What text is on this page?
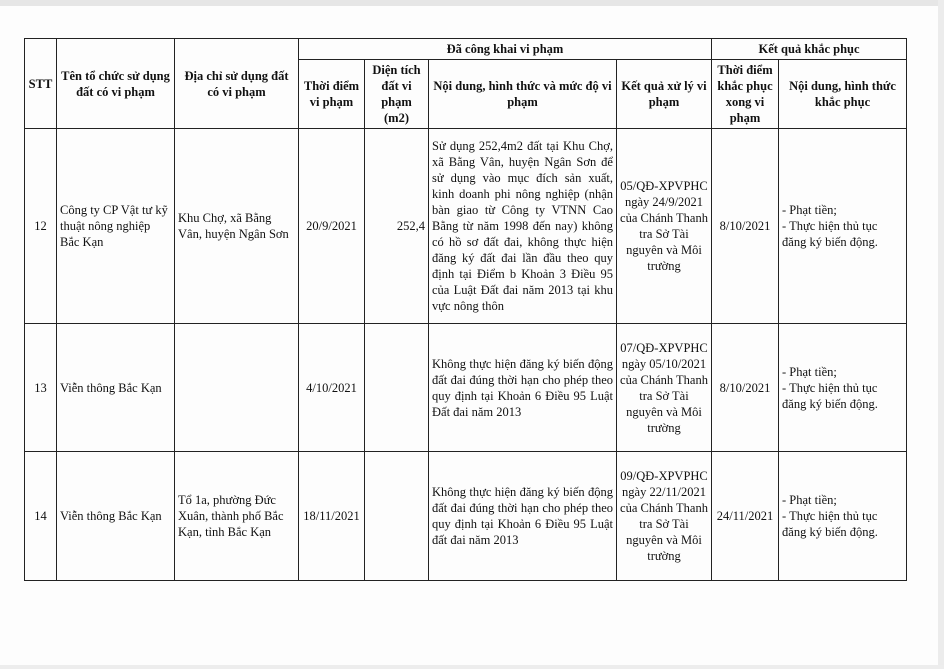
STT	Tên tổ chức sử dụng đất có vi phạm	Địa chỉ sử dụng đất có vi phạm	Đã công khai vi phạm				Kết quả khắc phục	
			Thời điểm vi phạm	Diện tích đất vi phạm (m2)	Nội dung, hình thức và mức độ vi phạm	Kết quả xử lý vi phạm	Thời điểm khắc phục xong vi phạm	Nội dung, hình thức khắc phục
12	Công ty CP Vật tư kỹ thuật nông nghiệp Bắc Kạn	Khu Chợ, xã Bằng Vân, huyện Ngân Sơn	20/9/2021	252,4	Sử dụng 252,4m2 đất tại Khu Chợ, xã Bằng Vân, huyện Ngân Sơn để sử dụng vào mục đích sản xuất, kinh doanh phi nông nghiệp (nhận bàn giao từ Công ty VTNN Cao Bằng từ năm 1998 đến nay) không có hồ sơ đất đai, không thực hiện đăng ký đất đai lần đầu theo quy định tại Điểm b Khoản 3 Điều 95 của Luật Đất đai năm 2013 tại khu vực nông thôn	05/QĐ-XPVPHC ngày 24/9/2021 của Chánh Thanh tra Sở Tài nguyên và Môi trường	8/10/2021	- Phạt tiền;
- Thực hiện thủ tục đăng ký biến động.

13	Viễn thông Bắc Kạn		4/10/2021		Không thực hiện đăng ký biến động đất đai đúng thời hạn cho phép theo quy định tại Khoản 6 Điều 95 Luật Đất đai năm 2013	07/QĐ-XPVPHC ngày 05/10/2021 của Chánh Thanh tra Sở Tài nguyên và Môi trường	8/10/2021	- Phạt tiền;
- Thực hiện thủ tục đăng ký biến động.

14	Viễn thông Bắc Kạn	Tổ 1a, phường Đức Xuân, thành phố Bắc Kạn, tỉnh Bắc Kạn	18/11/2021		Không thực hiện đăng ký biến động đất đai đúng thời hạn cho phép theo quy định tại Khoản 6 Điều 95 Luật đất đai năm 2013	09/QĐ-XPVPHC ngày 22/11/2021 của Chánh Thanh tra Sở Tài nguyên và Môi trường	24/11/2021	- Phạt tiền;
- Thực hiện thủ tục đăng ký biến động.
